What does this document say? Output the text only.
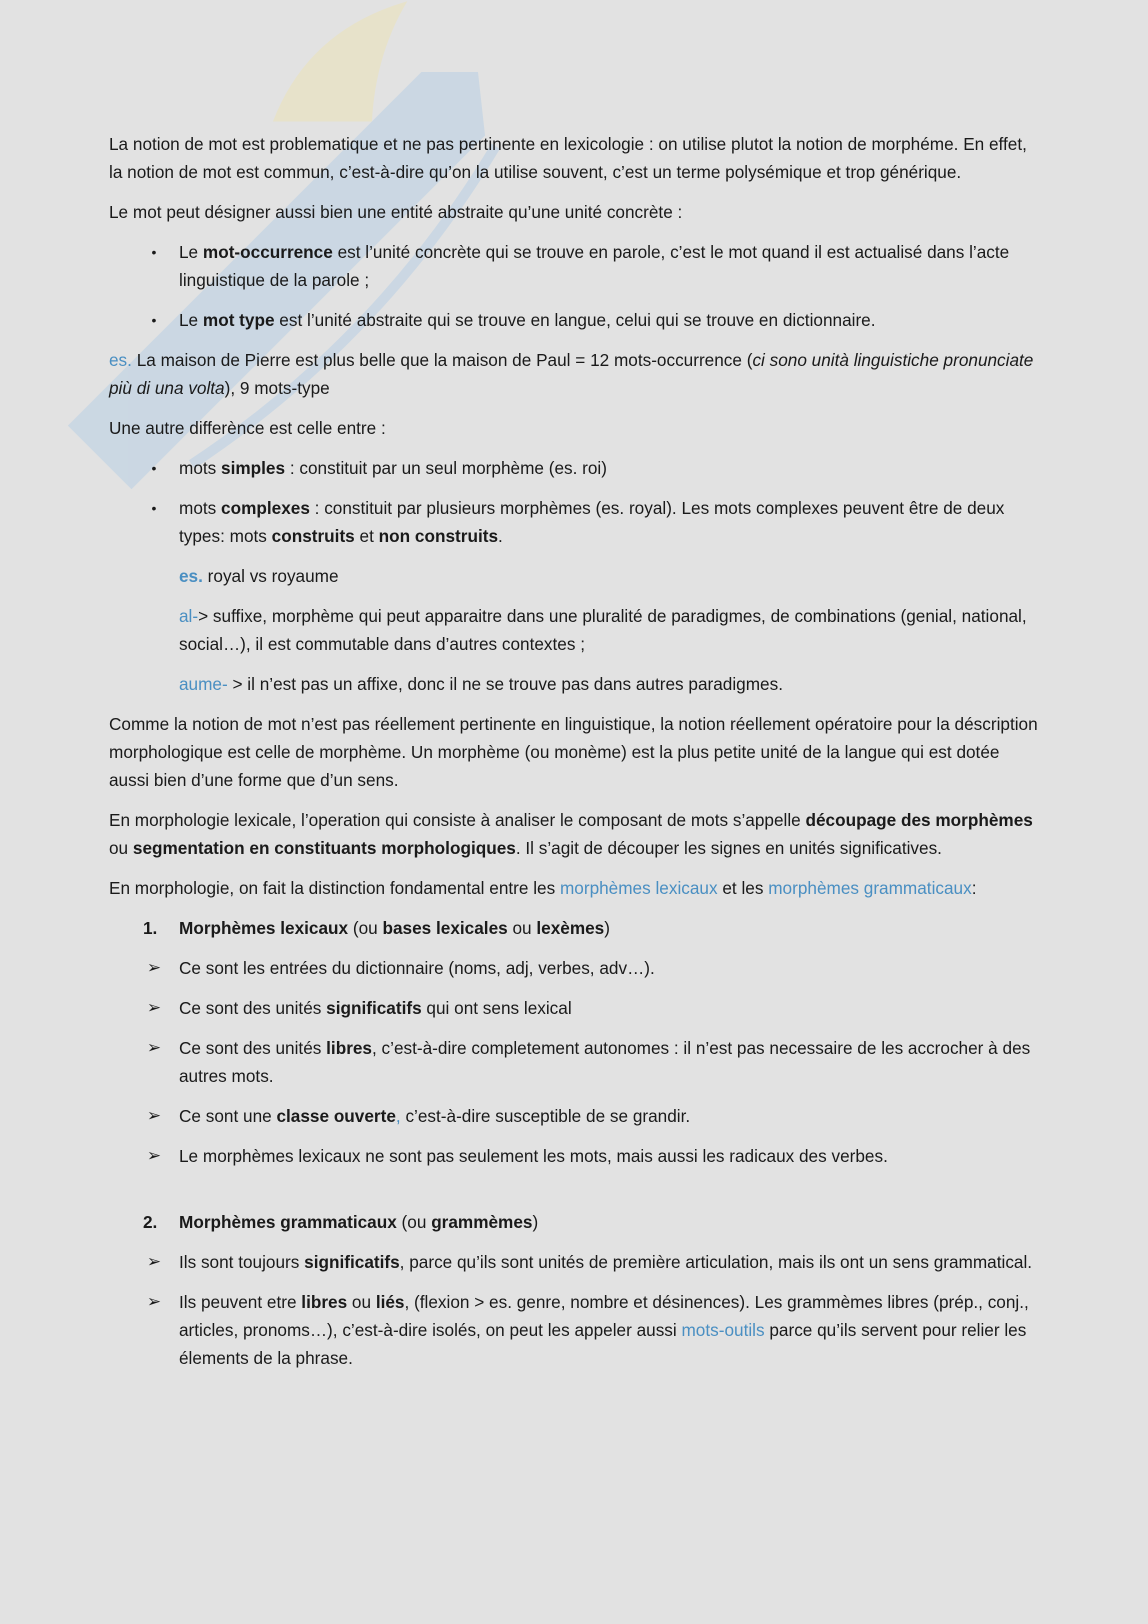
La notion de mot est problematique et ne pas pertinente en lexicologie : on utilise plutot la notion de morphéme. En effet, la notion de mot est commun, c’est-à-dire qu’on la utilise souvent, c’est un terme polysémique et trop générique.

Le mot peut désigner aussi bien une entité abstraite qu’une unité concrète :

•	Le mot-occurrence est l’unité concrète qui se trouve en parole, c’est le mot quand il est actualisé dans l’acte linguistique de la parole ;
•	Le mot type est l’unité abstraite qui se trouve en langue, celui qui se trouve en dictionnaire.

es. La maison de Pierre est plus belle que la maison de Paul = 12 mots-occurrence (ci sono unità linguistiche pronunciate più di una volta), 9 mots-type

Une autre differènce est celle entre :

•	mots simples : constituit par un seul morphème (es. roi)
•	mots complexes : constituit par plusieurs morphèmes (es. royal). Les mots complexes peuvent être de deux types: mots construits et non construits.

es. royal vs royaume

al-> suffixe, morphème qui peut apparaitre dans une pluralité de paradigmes, de combinations (genial, national, social…), il est commutable dans d’autres contextes ;

aume- > il n’est pas un affixe, donc il ne se trouve pas dans autres paradigmes.

Comme la notion de mot n’est pas réellement pertinente en linguistique, la notion réellement opératoire pour la déscription morphologique est celle de morphème. Un morphème (ou monème) est la plus petite unité de la langue qui est dotée aussi bien d’une forme que d’un sens.

En morphologie lexicale, l’operation qui consiste à analiser le composant de mots s’appelle découpage des morphèmes ou segmentation en constituants morphologiques. Il s’agit de découper les signes en unités significatives.

En morphologie, on fait la distinction fondamental entre les morphèmes lexicaux et les morphèmes grammaticaux:

1.	Morphèmes lexicaux (ou bases lexicales ou lexèmes)
➢	Ce sont les entrées du dictionnaire (noms, adj, verbes, adv…).
➢	Ce sont des unités significatifs qui ont sens lexical
➢	Ce sont des unités libres, c’est-à-dire completement autonomes : il n’est pas necessaire de les accrocher à des autres mots.
➢	Ce sont une classe ouverte, c’est-à-dire susceptible de se grandir.
➢	Le morphèmes lexicaux ne sont pas seulement les mots, mais aussi les radicaux des verbes.
2.	Morphèmes grammaticaux (ou grammèmes)
➢	Ils sont toujours significatifs, parce qu’ils sont unités de première articulation, mais ils ont un sens grammatical.
➢	Ils peuvent etre libres ou liés, (flexion > es. genre, nombre et désinences). Les grammèmes libres (prép., conj., articles, pronoms…), c’est-à-dire isolés, on peut les appeler aussi mots-outils parce qu’ils servent pour relier les élements de la phrase.
